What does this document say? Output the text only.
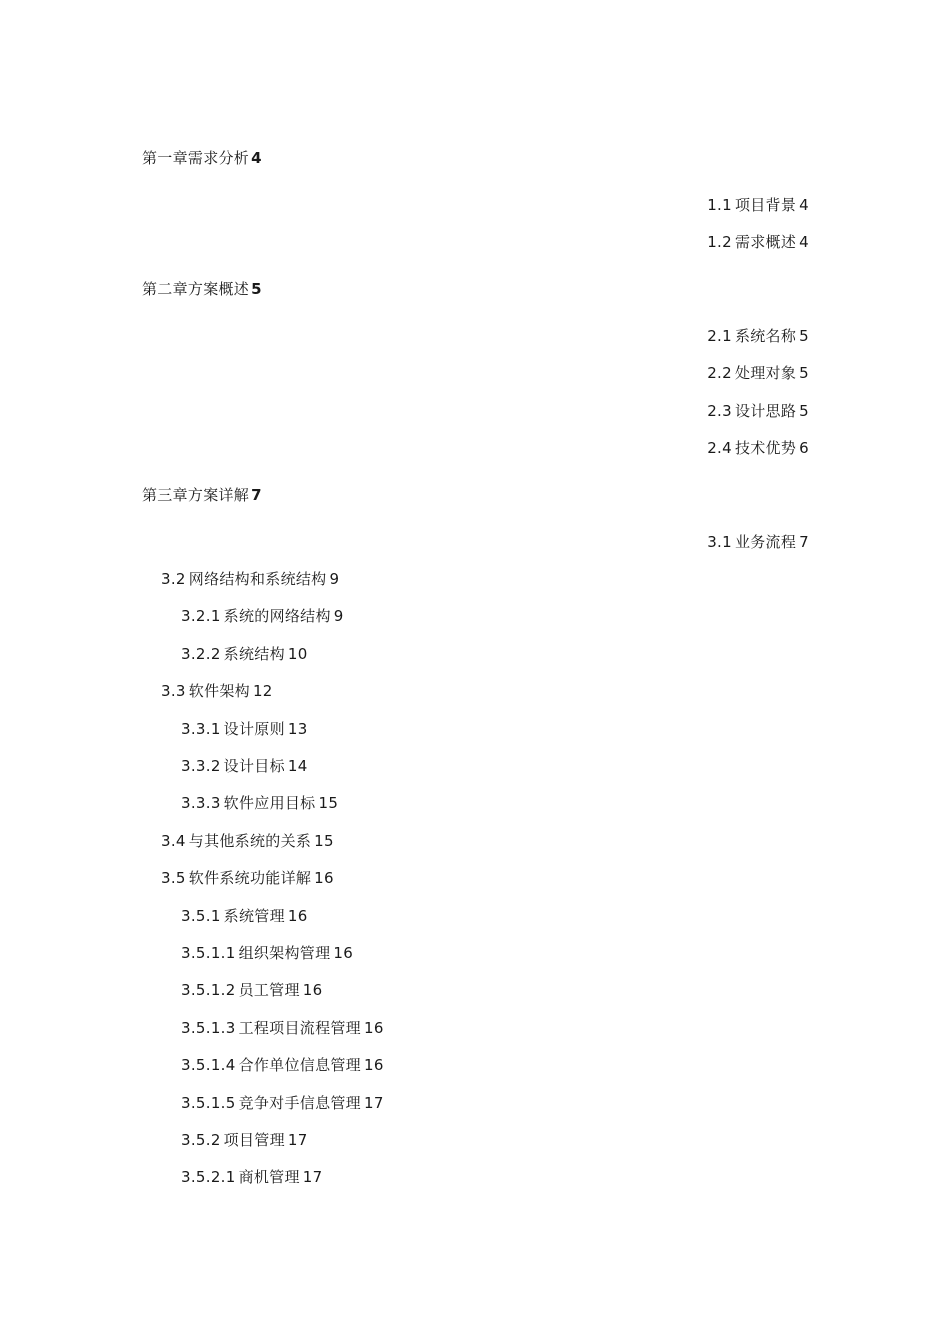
第一章需求分析 4
1.1 项目背景 4
1.2 需求概述 4
第二章方案概述 5
2.1 系统名称 5
2.2 处理对象 5
2.3 设计思路 5
2.4 技术优势 6
第三章方案详解 7
3.1 业务流程 7
3.2 网络结构和系统结构 9
3.2.1 系统的网络结构 9
3.2.2 系统结构 10
3.3 软件架构 12
3.3.1 设计原则 13
3.3.2 设计目标 14
3.3.3 软件应用目标 15
3.4 与其他系统的关系 15
3.5 软件系统功能详解 16
3.5.1 系统管理 16
3.5.1.1 组织架构管理 16
3.5.1.2 员工管理 16
3.5.1.3 工程项目流程管理 16
3.5.1.4 合作单位信息管理 16
3.5.1.5 竞争对手信息管理 17
3.5.2 项目管理 17
3.5.2.1 商机管理 17
